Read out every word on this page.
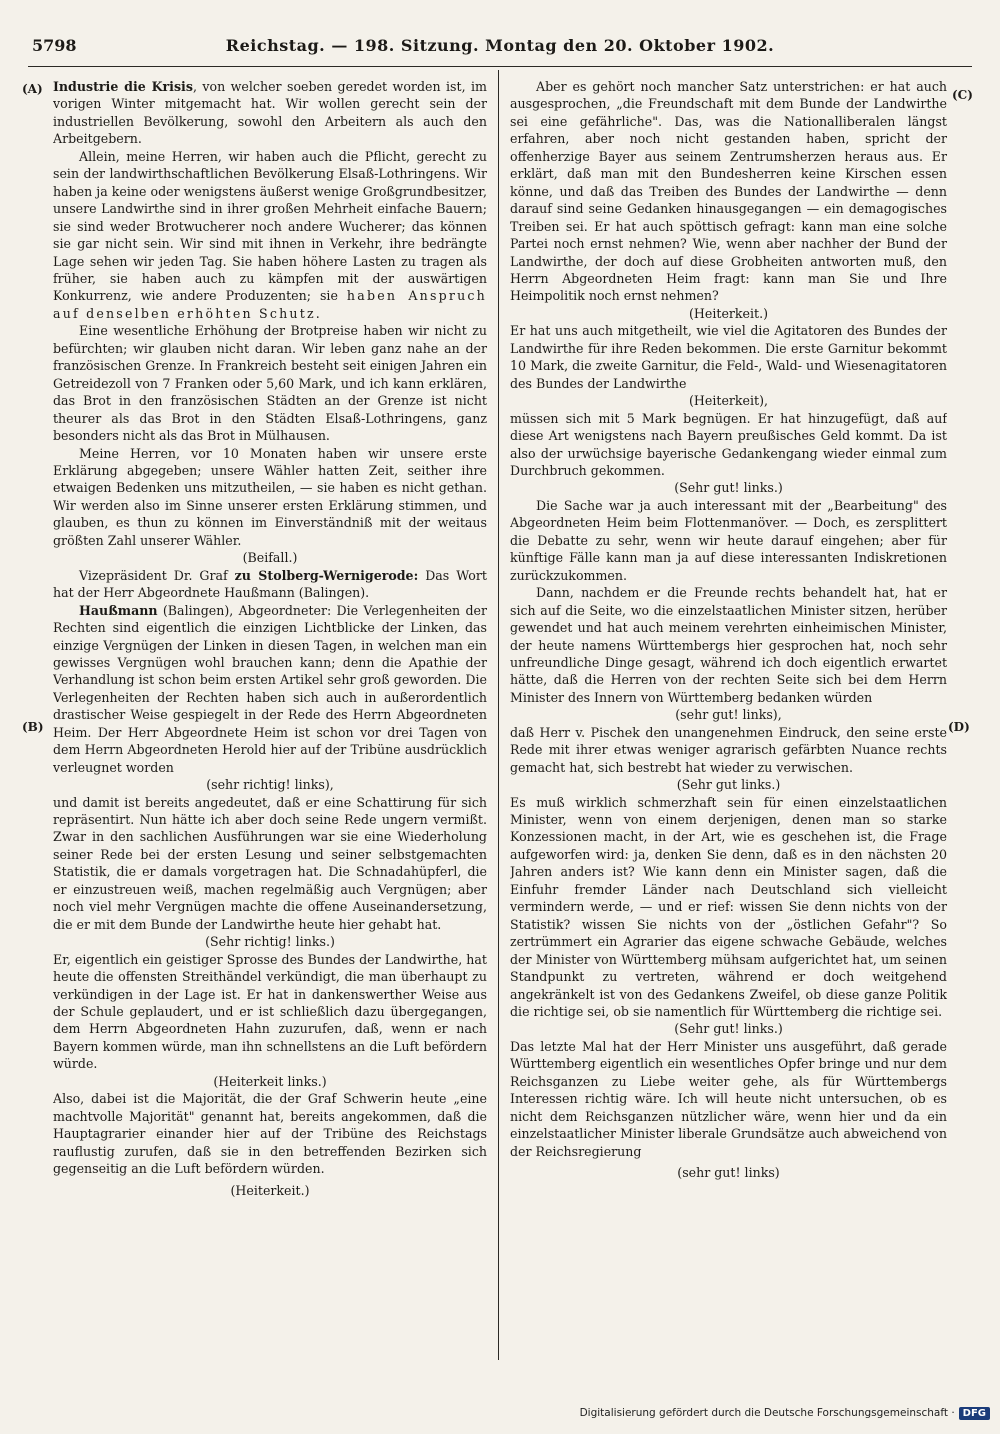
5798	Reichstag. — 198. Sitzung. Montag den 20. Oktober 1902.
(A)
(B)
(C)
(D)

Industrie die Krisis, von welcher soeben geredet worden ist, im vorigen Winter mitgemacht hat. Wir wollen gerecht sein der industriellen Bevölkerung, sowohl den Arbeitern als auch den Arbeitgebern.

Allein, meine Herren, wir haben auch die Pflicht, gerecht zu sein der landwirthschaftlichen Bevölkerung Elsaß-Lothringens. Wir haben ja keine oder wenigstens äußerst wenige Großgrundbesitzer, unsere Landwirthe sind in ihrer großen Mehrheit einfache Bauern; sie sind weder Brotwucherer noch andere Wucherer; das können sie gar nicht sein. Wir sind mit ihnen in Verkehr, ihre bedrängte Lage sehen wir jeden Tag. Sie haben höhere Lasten zu tragen als früher, sie haben auch zu kämpfen mit der auswärtigen Konkurrenz, wie andere Produzenten; sie haben Anspruch auf denselben erhöhten Schutz.

Eine wesentliche Erhöhung der Brotpreise haben wir nicht zu befürchten; wir glauben nicht daran. Wir leben ganz nahe an der französischen Grenze. In Frankreich besteht seit einigen Jahren ein Getreidezoll von 7 Franken oder 5,60 Mark, und ich kann erklären, das Brot in den französischen Städten an der Grenze ist nicht theurer als das Brot in den Städten Elsaß-Lothringens, ganz besonders nicht als das Brot in Mülhausen.

Meine Herren, vor 10 Monaten haben wir unsere erste Erklärung abgegeben; unsere Wähler hatten Zeit, seither ihre etwaigen Bedenken uns mitzutheilen, — sie haben es nicht gethan. Wir werden also im Sinne unserer ersten Erklärung stimmen, und glauben, es thun zu können im Einverständniß mit der weitaus größten Zahl unserer Wähler.

(Beifall.)

Vizepräsident Dr. Graf zu Stolberg-Wernigerode: Das Wort hat der Herr Abgeordnete Haußmann (Balingen).

Haußmann (Balingen), Abgeordneter: Die Verlegenheiten der Rechten sind eigentlich die einzigen Lichtblicke der Linken, das einzige Vergnügen der Linken in diesen Tagen, in welchen man ein gewisses Vergnügen wohl brauchen kann; denn die Apathie der Verhandlung ist schon beim ersten Artikel sehr groß geworden. Die Verlegenheiten der Rechten haben sich auch in außerordentlich drastischer Weise gespiegelt in der Rede des Herrn Abgeordneten Heim. Der Herr Abgeordnete Heim ist schon vor drei Tagen von dem Herrn Abgeordneten Herold hier auf der Tribüne ausdrücklich verleugnet worden

(sehr richtig! links),

und damit ist bereits angedeutet, daß er eine Schattirung für sich repräsentirt. Nun hätte ich aber doch seine Rede ungern vermißt. Zwar in den sachlichen Ausführungen war sie eine Wiederholung seiner Rede bei der ersten Lesung und seiner selbstgemachten Statistik, die er damals vorgetragen hat. Die Schnadahüpferl, die er einzustreuen weiß, machen regelmäßig auch Vergnügen; aber noch viel mehr Vergnügen machte die offene Auseinandersetzung, die er mit dem Bunde der Landwirthe heute hier gehabt hat.

(Sehr richtig! links.)

Er, eigentlich ein geistiger Sprosse des Bundes der Landwirthe, hat heute die offensten Streithändel verkündigt, die man überhaupt zu verkündigen in der Lage ist. Er hat in dankenswerther Weise aus der Schule geplaudert, und er ist schließlich dazu übergegangen, dem Herrn Abgeordneten Hahn zuzurufen, daß, wenn er nach Bayern kommen würde, man ihn schnellstens an die Luft befördern würde.

(Heiterkeit links.)

Also, dabei ist die Majorität, die der Graf Schwerin heute „eine machtvolle Majorität" genannt hat, bereits angekommen, daß die Hauptagrarier einander hier auf der Tribüne des Reichstags rauflustig zurufen, daß sie in den betreffenden Bezirken sich gegenseitig an die Luft befördern würden.

(Heiterkeit.)

Aber es gehört noch mancher Satz unterstrichen: er hat auch ausgesprochen, „die Freundschaft mit dem Bunde der Landwirthe sei eine gefährliche". Das, was die Nationalliberalen längst erfahren, aber noch nicht gestanden haben, spricht der offenherzige Bayer aus seinem Zentrumsherzen heraus aus. Er erklärt, daß man mit den Bundesherren keine Kirschen essen könne, und daß das Treiben des Bundes der Landwirthe — denn darauf sind seine Gedanken hinausgegangen — ein demagogisches Treiben sei. Er hat auch spöttisch gefragt: kann man eine solche Partei noch ernst nehmen? Wie, wenn aber nachher der Bund der Landwirthe, der doch auf diese Grobheiten antworten muß, den Herrn Abgeordneten Heim fragt: kann man Sie und Ihre Heimpolitik noch ernst nehmen?

(Heiterkeit.)

Er hat uns auch mitgetheilt, wie viel die Agitatoren des Bundes der Landwirthe für ihre Reden bekommen. Die erste Garnitur bekommt 10 Mark, die zweite Garnitur, die Feld-, Wald- und Wiesenagitatoren des Bundes der Landwirthe

(Heiterkeit),

müssen sich mit 5 Mark begnügen. Er hat hinzugefügt, daß auf diese Art wenigstens nach Bayern preußisches Geld kommt. Da ist also der urwüchsige bayerische Gedankengang wieder einmal zum Durchbruch gekommen.

(Sehr gut! links.)

Die Sache war ja auch interessant mit der „Bearbeitung" des Abgeordneten Heim beim Flottenmanöver. — Doch, es zersplittert die Debatte zu sehr, wenn wir heute darauf eingehen; aber für künftige Fälle kann man ja auf diese interessanten Indiskretionen zurückzukommen.

Dann, nachdem er die Freunde rechts behandelt hat, hat er sich auf die Seite, wo die einzelstaatlichen Minister sitzen, herüber gewendet und hat auch meinem verehrten einheimischen Minister, der heute namens Württembergs hier gesprochen hat, noch sehr unfreundliche Dinge gesagt, während ich doch eigentlich erwartet hätte, daß die Herren von der rechten Seite sich bei dem Herrn Minister des Innern von Württemberg bedanken würden

(sehr gut! links),

daß Herr v. Pischek den unangenehmen Eindruck, den seine erste Rede mit ihrer etwas weniger agrarisch gefärbten Nuance rechts gemacht hat, sich bestrebt hat wieder zu verwischen.

(Sehr gut links.)

Es muß wirklich schmerzhaft sein für einen einzelstaatlichen Minister, wenn von einem derjenigen, denen man so starke Konzessionen macht, in der Art, wie es geschehen ist, die Frage aufgeworfen wird: ja, denken Sie denn, daß es in den nächsten 20 Jahren anders ist? Wie kann denn ein Minister sagen, daß die Einfuhr fremder Länder nach Deutschland sich vielleicht vermindern werde, — und er rief: wissen Sie denn nichts von der Statistik? wissen Sie nichts von der „östlichen Gefahr"? So zertrümmert ein Agrarier das eigene schwache Gebäude, welches der Minister von Württemberg mühsam aufgerichtet hat, um seinen Standpunkt zu vertreten, während er doch weitgehend angekränkelt ist von des Gedankens Zweifel, ob diese ganze Politik die richtige sei, ob sie namentlich für Württemberg die richtige sei.

(Sehr gut! links.)

Das letzte Mal hat der Herr Minister uns ausgeführt, daß gerade Württemberg eigentlich ein wesentliches Opfer bringe und nur dem Reichsganzen zu Liebe weiter gehe, als für Württembergs Interessen richtig wäre. Ich will heute nicht untersuchen, ob es nicht dem Reichsganzen nützlicher wäre, wenn hier und da ein einzelstaatlicher Minister liberale Grundsätze auch abweichend von der Reichsregierung

(sehr gut! links)

Digitalisierung gefördert durch die Deutsche Forschungsgemeinschaft · DFG
